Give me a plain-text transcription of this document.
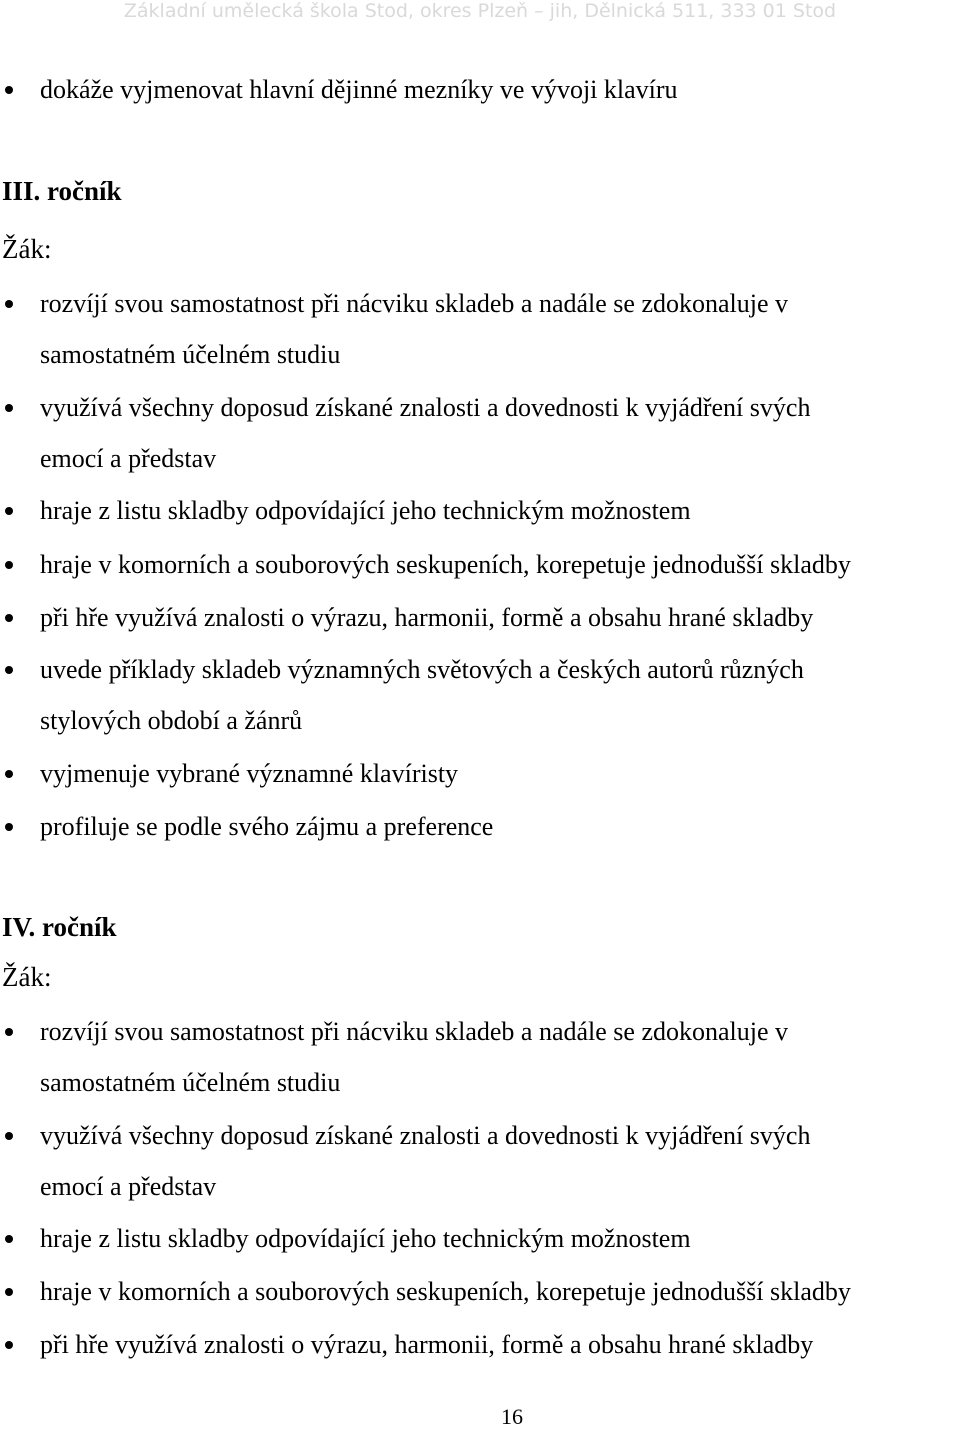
Základní umělecká škola Stod, okres Plzeň – jih, Dělnická 511, 333 01 Stod
dokáže vyjmenovat hlavní dějinné mezníky ve vývoji klavíru
III. ročník
Žák:
rozvíjí svou samostatnost při nácviku skladeb a nadále se zdokonaluje v
samostatném účelném studiu
využívá všechny doposud získané znalosti a dovednosti k vyjádření svých
emocí a představ
hraje z listu skladby odpovídající jeho technickým možnostem
hraje v komorních a souborových seskupeních, korepetuje jednodušší skladby
při hře využívá znalosti o výrazu, harmonii, formě a obsahu hrané skladby
uvede příklady skladeb významných světových a českých autorů různých
stylových období a žánrů
vyjmenuje vybrané významné klavíristy
profiluje se podle svého zájmu a preference
IV. ročník
Žák:
rozvíjí svou samostatnost při nácviku skladeb a nadále se zdokonaluje v
samostatném účelném studiu
využívá všechny doposud získané znalosti a dovednosti k vyjádření svých
emocí a představ
hraje z listu skladby odpovídající jeho technickým možnostem
hraje v komorních a souborových seskupeních, korepetuje jednodušší skladby
při hře využívá znalosti o výrazu, harmonii, formě a obsahu hrané skladby
16
